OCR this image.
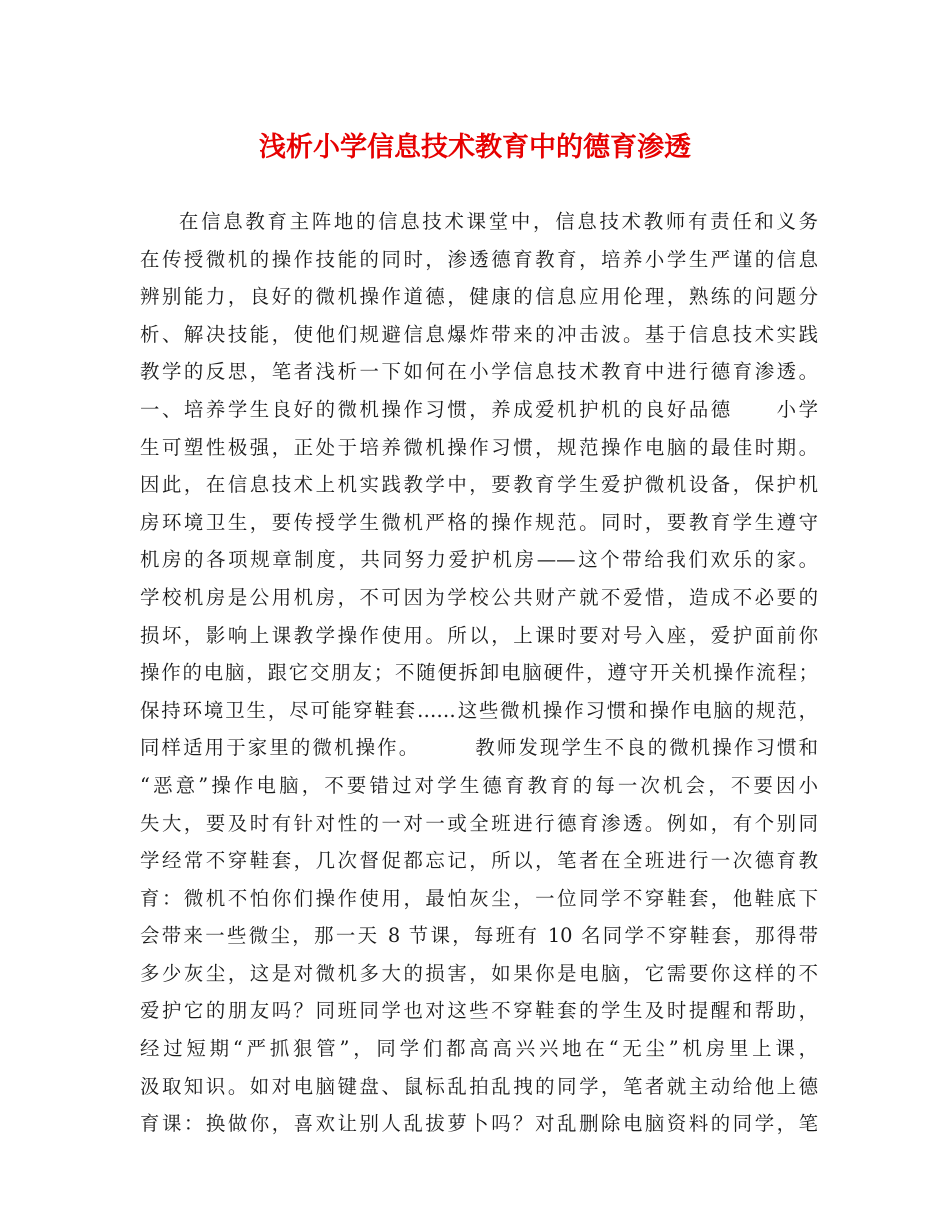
浅析小学信息技术教育中的德育渗透
在信息教育主阵地的信息技术课堂中，信息技术教师有责任和义务
在传授微机的操作技能的同时，渗透德育教育，培养小学生严谨的信息
辨别能力，良好的微机操作道德，健康的信息应用伦理，熟练的问题分
析、解决技能，使他们规避信息爆炸带来的冲击波。基于信息技术实践
教学的反思，笔者浅析一下如何在小学信息技术教育中进行德育渗透。
一、培养学生良好的微机操作习惯，养成爱机护机的良好品德　　小学
生可塑性极强，正处于培养微机操作习惯，规范操作电脑的最佳时期。
因此，在信息技术上机实践教学中，要教育学生爱护微机设备，保护机
房环境卫生，要传授学生微机严格的操作规范。同时，要教育学生遵守
机房的各项规章制度，共同努力爱护机房——这个带给我们欢乐的家。
学校机房是公用机房，不可因为学校公共财产就不爱惜，造成不必要的
损坏，影响上课教学操作使用。所以，上课时要对号入座，爱护面前你
操作的电脑，跟它交朋友；不随便拆卸电脑硬件，遵守开关机操作流程；
保持环境卫生，尽可能穿鞋套……这些微机操作习惯和操作电脑的规范，
同样适用于家里的微机操作。　　　教师发现学生不良的微机操作习惯和
“恶意”操作电脑，不要错过对学生德育教育的每一次机会，不要因小
失大，要及时有针对性的一对一或全班进行德育渗透。例如，有个别同
学经常不穿鞋套，几次督促都忘记，所以，笔者在全班进行一次德育教
育：微机不怕你们操作使用，最怕灰尘，一位同学不穿鞋套，他鞋底下
会带来一些微尘，那一天 8 节课，每班有 10 名同学不穿鞋套，那得带
多少灰尘，这是对微机多大的损害，如果你是电脑，它需要你这样的不
爱护它的朋友吗？同班同学也对这些不穿鞋套的学生及时提醒和帮助，
经过短期“严抓狠管”，同学们都高高兴兴地在“无尘”机房里上课，
汲取知识。如对电脑键盘、鼠标乱拍乱拽的同学，笔者就主动给他上德
育课：换做你，喜欢让别人乱拔萝卜吗？对乱删除电脑资料的同学，笔
